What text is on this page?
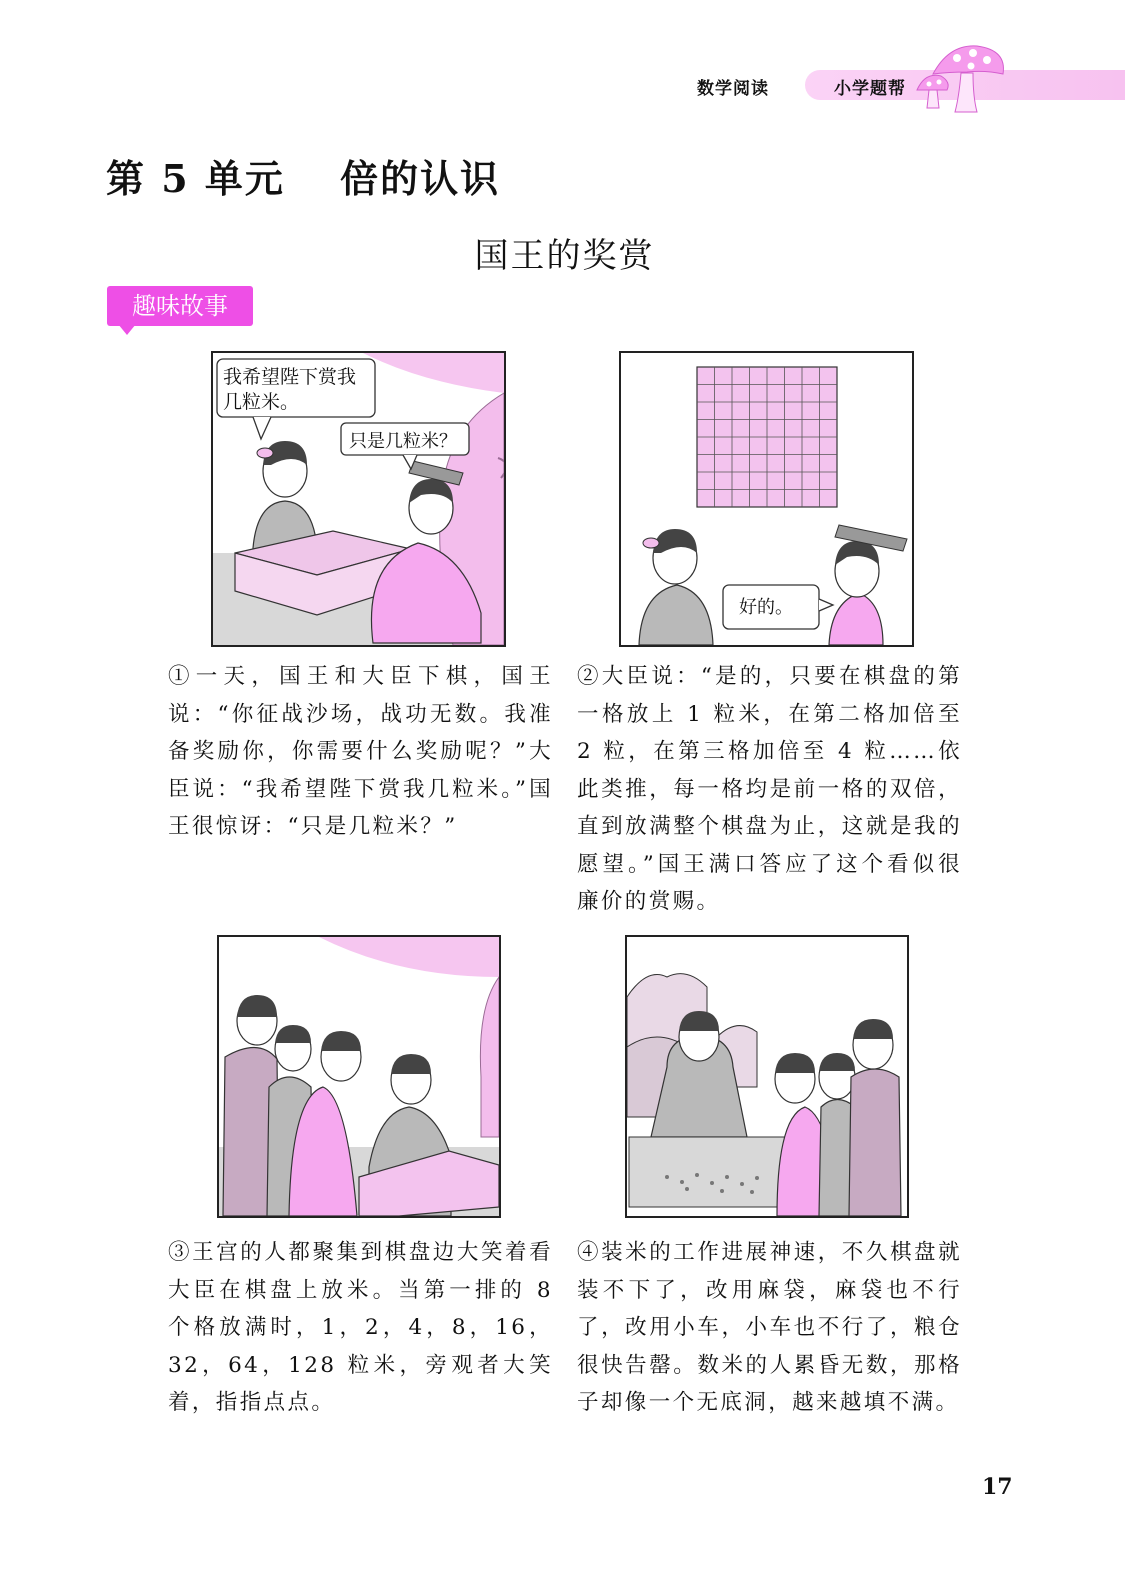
数学阅读	小学题帮
第 5 单元　 倍的认识
国王的奖赏
趣味故事
我希望陛下赏我
几粒米。
只是几粒米？
好的。
①一天，国王和大臣下棋，国王说：“你征战沙场，战功无数。我准备奖励你，你需要什么奖励呢？”大臣说：“我希望陛下赏我几粒米。”国王很惊讶：“只是几粒米？”
②大臣说：“是的，只要在棋盘的第一格放上 1 粒米，在第二格加倍至 2 粒，在第三格加倍至 4 粒……依此类推，每一格均是前一格的双倍，直到放满整个棋盘为止，这就是我的愿望。”国王满口答应了这个看似很廉价的赏赐。
③王宫的人都聚集到棋盘边大笑着看大臣在棋盘上放米。当第一排的 8 个格放满时，1，2，4，8，16，32，64，128 粒米，旁观者大笑着，指指点点。
④装米的工作进展神速，不久棋盘就装不下了，改用麻袋，麻袋也不行了，改用小车，小车也不行了，粮仓很快告罄。数米的人累昏无数，那格子却像一个无底洞，越来越填不满。
17
